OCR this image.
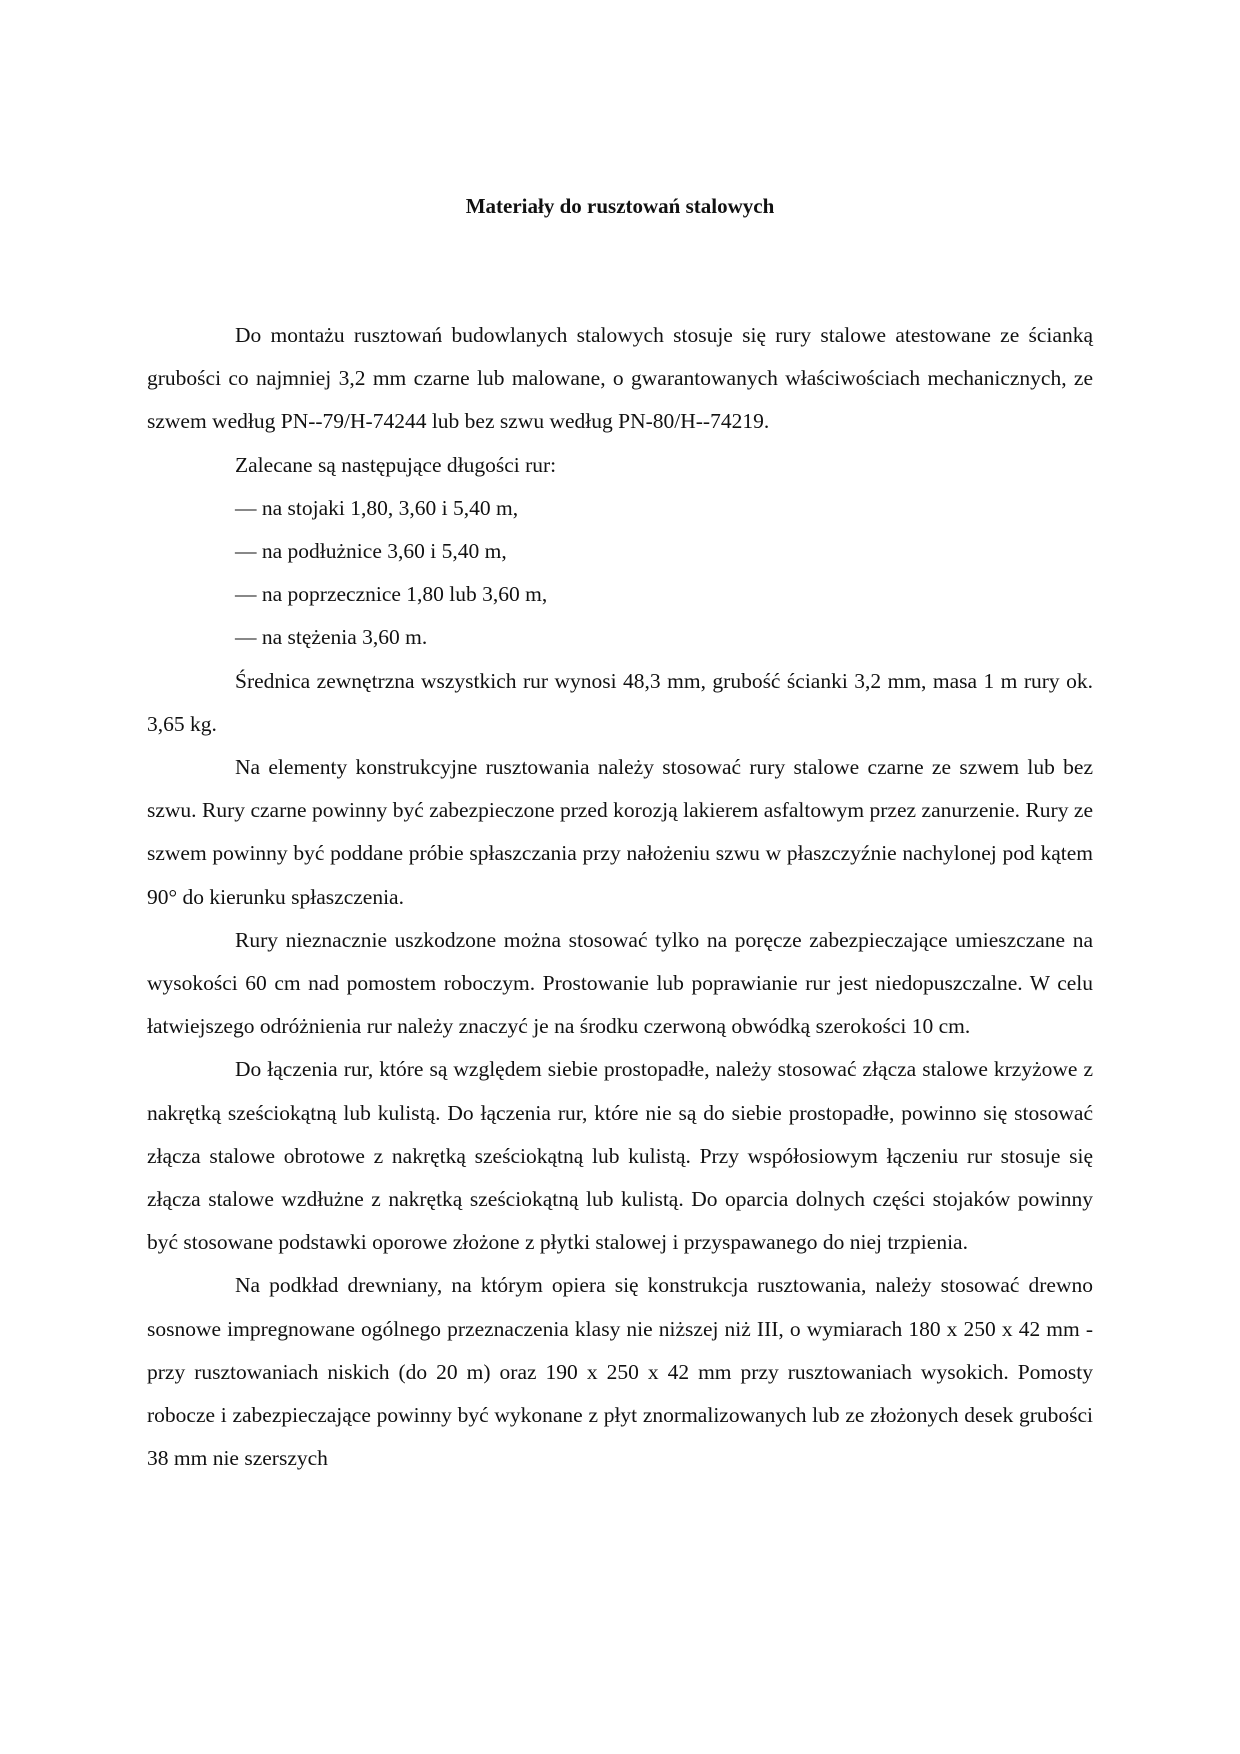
Materiały do rusztowań stalowych

Do montażu rusztowań budowlanych stalowych stosuje się rury stalowe atestowane ze ścianką grubości co najmniej 3,2 mm czarne lub malowane, o gwarantowanych właściwościach mechanicznych, ze szwem według PN--79/H-74244 lub bez szwu według PN-80/H--74219.

Zalecane są następujące długości rur:

— na stojaki 1,80, 3,60 i 5,40 m,

— na podłużnice 3,60 i 5,40 m,

— na poprzecznice 1,80 lub 3,60 m,

— na stężenia 3,60 m.

Średnica zewnętrzna wszystkich rur wynosi 48,3 mm, grubość ścianki 3,2 mm, masa 1 m rury ok. 3,65 kg.

Na elementy konstrukcyjne rusztowania należy stosować rury stalowe czarne ze szwem lub bez szwu. Rury czarne powinny być zabezpieczone przed korozją lakierem asfaltowym przez zanurzenie. Rury ze szwem powinny być poddane próbie spłaszczania przy nałożeniu szwu w płaszczyźnie nachylonej pod kątem 90° do kierunku spłaszczenia.

Rury nieznacznie uszkodzone można stosować tylko na poręcze zabezpieczające umieszczane na wysokości 60 cm nad pomostem roboczym. Prostowanie lub poprawianie rur jest niedopuszczalne. W celu łatwiejszego odróżnienia rur należy znaczyć je na środku czerwoną obwódką szerokości 10 cm.

Do łączenia rur, które są względem siebie prostopadłe, należy stosować złącza stalowe krzyżowe z nakrętką sześciokątną lub kulistą. Do łączenia rur, które nie są do siebie prostopadłe, powinno się stosować złącza stalowe obrotowe z nakrętką sześciokątną lub kulistą. Przy współosiowym łączeniu rur stosuje się złącza stalowe wzdłużne z nakrętką sześciokątną lub kulistą. Do oparcia dolnych części stojaków powinny być stosowane podstawki oporowe złożone z płytki stalowej i przyspawanego do niej trzpienia.

Na podkład drewniany, na którym opiera się konstrukcja rusztowania, należy stosować drewno sosnowe impregnowane ogólnego przeznaczenia klasy nie niższej niż III, o wymiarach 180 x 250 x 42 mm - przy rusztowaniach niskich (do 20 m) oraz 190 x 250 x 42 mm przy rusztowaniach wysokich. Pomosty robocze i zabezpieczające powinny być wykonane z płyt znormalizowanych lub ze złożonych desek grubości 38 mm nie szerszych
